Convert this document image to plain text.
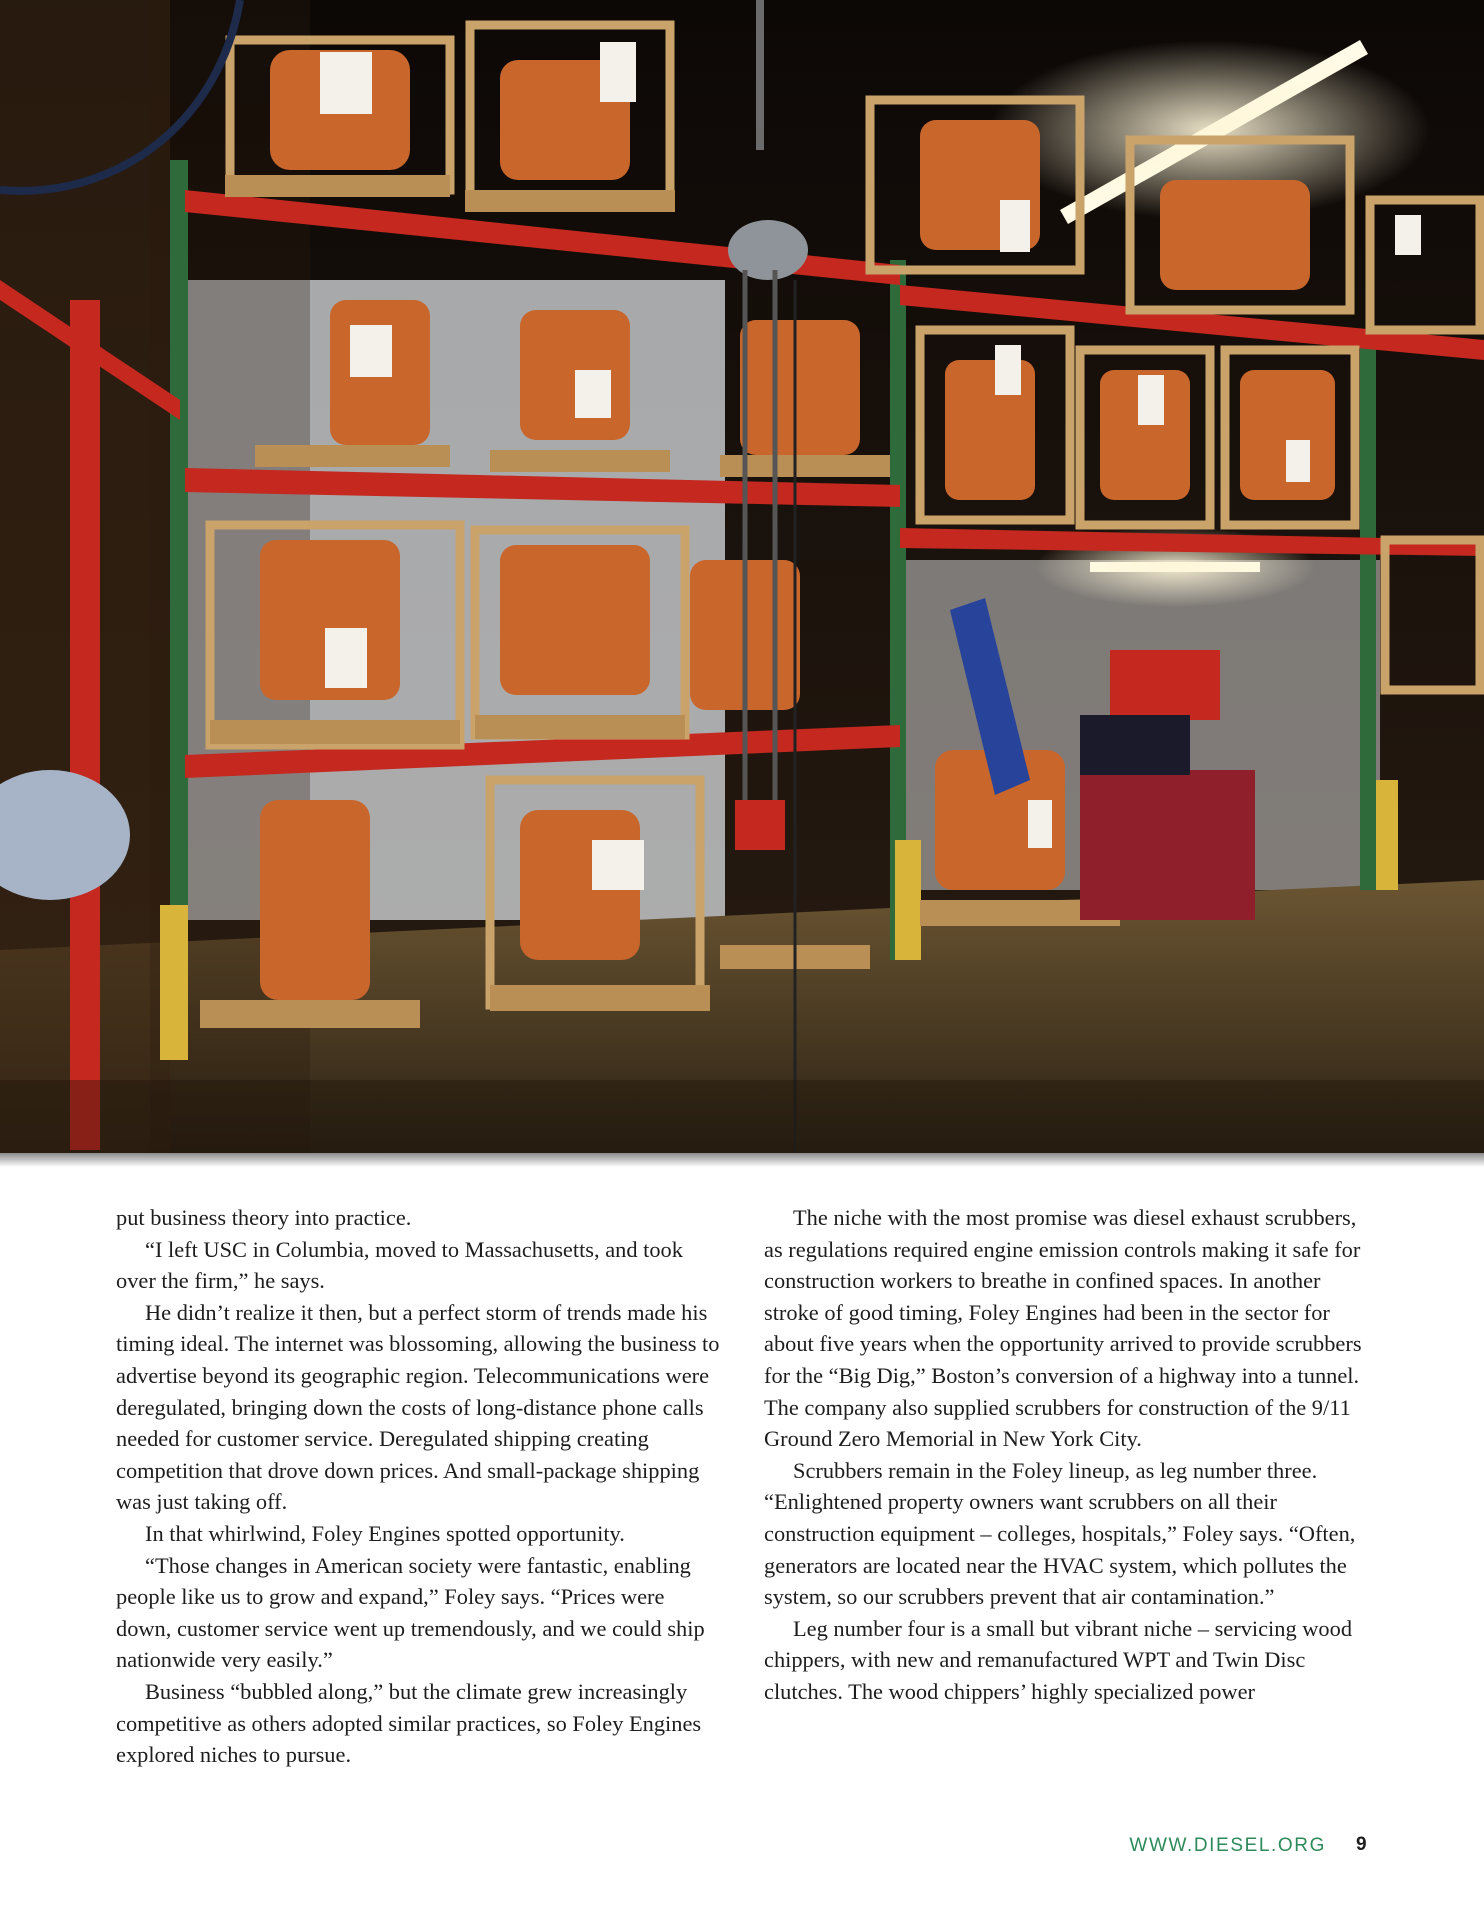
put business theory into practice.

“I left USC in Columbia, moved to Massachusetts, and took over the firm,” he says.

He didn’t realize it then, but a perfect storm of trends made his timing ideal. The internet was blossoming, allowing the business to advertise beyond its geographic region. Telecommunications were deregulated, bringing down the costs of long-distance phone calls needed for customer service. Deregulated shipping creating competition that drove down prices. And small-package shipping was just taking off.

In that whirlwind, Foley Engines spotted opportunity.

“Those changes in American society were fantastic, enabling people like us to grow and expand,” Foley says. “Prices were down, customer service went up tremendously, and we could ship nationwide very easily.”

Business “bubbled along,” but the climate grew increasingly competitive as others adopted similar practices, so Foley Engines explored niches to pursue.

The niche with the most promise was diesel exhaust scrubbers, as regulations required engine emission controls making it safe for construction workers to breathe in confined spaces. In another stroke of good timing, Foley Engines had been in the sector for about five years when the opportunity arrived to provide scrubbers for the “Big Dig,” Boston’s conversion of a highway into a tunnel. The company also supplied scrubbers for construction of the 9/11 Ground Zero Memorial in New York City.

Scrubbers remain in the Foley lineup, as leg number three. “Enlightened property owners want scrubbers on all their construction equipment – colleges, hospitals,” Foley says. “Often, generators are located near the HVAC system, which pollutes the system, so our scrubbers prevent that air contamination.”

Leg number four is a small but vibrant niche – servicing wood chippers, with new and remanufactured WPT and Twin Disc clutches. The wood chippers’ highly specialized power

WWW.DIESEL.ORG 9
